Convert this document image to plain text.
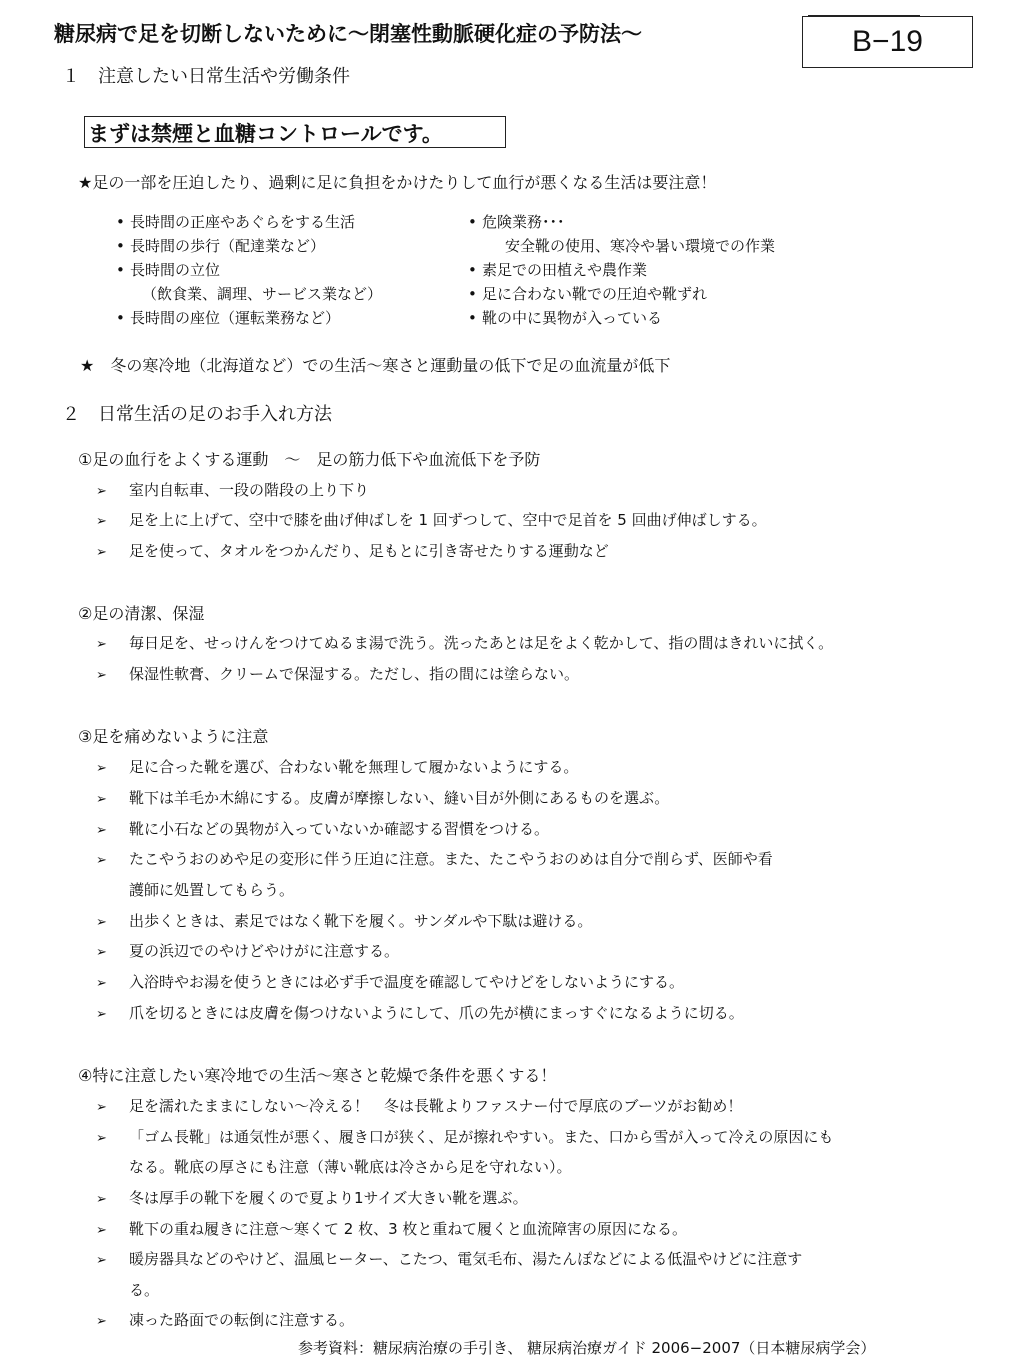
糖尿病で足を切断しないために～閉塞性動脈硬化症の予防法～	B−19
１　注意したい日常生活や労働条件
まずは禁煙と血糖コントロールです。
★足の一部を圧迫したり、過剰に足に負担をかけたりして血行が悪くなる生活は要注意！
• 長時間の正座やあぐらをする生活
• 長時間の歩行（配達業など）
• 長時間の立位
（飲食業、調理、サービス業など）
• 長時間の座位（運転業務など）
• 危険業務･･･
安全靴の使用、寒冷や暑い環境での作業
• 素足での田植えや農作業
• 足に合わない靴での圧迫や靴ずれ
• 靴の中に異物が入っている
★　冬の寒冷地（北海道など）での生活～寒さと運動量の低下で足の血流量が低下
２　日常生活の足のお手入れ方法
①足の血行をよくする運動　～　足の筋力低下や血流低下を予防
➢ 室内自転車、一段の階段の上り下り
➢ 足を上に上げて、空中で膝を曲げ伸ばしを 1 回ずつして、空中で足首を 5 回曲げ伸ばしする。
➢ 足を使って、タオルをつかんだり、足もとに引き寄せたりする運動など
②足の清潔、保湿
➢ 毎日足を、せっけんをつけてぬるま湯で洗う。洗ったあとは足をよく乾かして、指の間はきれいに拭く。
➢ 保湿性軟膏、クリームで保湿する。ただし、指の間には塗らない。
③足を痛めないように注意
➢ 足に合った靴を選び、合わない靴を無理して履かないようにする。
➢ 靴下は羊毛か木綿にする。皮膚が摩擦しない、縫い目が外側にあるものを選ぶ。
➢ 靴に小石などの異物が入っていないか確認する習慣をつける。
➢ たこやうおのめや足の変形に伴う圧迫に注意。また、たこやうおのめは自分で削らず、医師や看
護師に処置してもらう。
➢ 出歩くときは、素足ではなく靴下を履く。サンダルや下駄は避ける。
➢ 夏の浜辺でのやけどやけがに注意する。
➢ 入浴時やお湯を使うときには必ず手で温度を確認してやけどをしないようにする。
➢ 爪を切るときには皮膚を傷つけないようにして、爪の先が横にまっすぐになるように切る。
④特に注意したい寒冷地での生活～寒さと乾燥で条件を悪くする！
➢ 足を濡れたままにしない～冷える！　冬は長靴よりファスナー付で厚底のブーツがお勧め！
➢ 「ゴム長靴」は通気性が悪く、履き口が狭く、足が擦れやすい。また、口から雪が入って冷えの原因にも
なる。靴底の厚さにも注意（薄い靴底は冷さから足を守れない）。
➢ 冬は厚手の靴下を履くので夏より1サイズ大きい靴を選ぶ。
➢ 靴下の重ね履きに注意～寒くて 2 枚、3 枚と重ねて履くと血流障害の原因になる。
➢ 暖房器具などのやけど、温風ヒーター、こたつ、電気毛布、湯たんぽなどによる低温やけどに注意す
る。
➢ 凍った路面での転倒に注意する。
参考資料：糖尿病治療の手引き、 糖尿病治療ガイド 2006−2007（日本糖尿病学会）
